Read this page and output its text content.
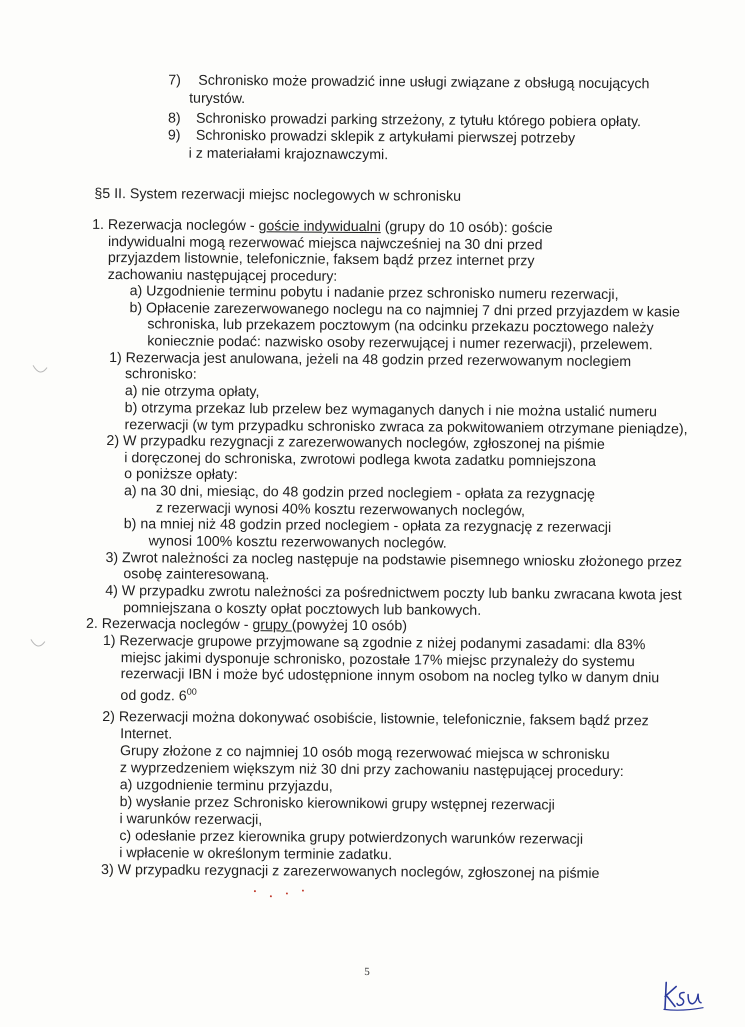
7) Schronisko może prowadzić inne usługi związane z obsługą nocujących
turystów.
8) Schronisko prowadzi parking strzeżony, z tytułu którego pobiera opłaty.
9) Schronisko prowadzi sklepik z artykułami pierwszej potrzeby
i z materiałami krajoznawczymi.
§5 II. System rezerwacji miejsc noclegowych w schronisku
1. Rezerwacja noclegów - goście indywidualni (grupy do 10 osób): goście
indywidualni mogą rezerwować miejsca najwcześniej na 30 dni przed
przyjazdem listownie, telefonicznie, faksem bądź przez internet przy
zachowaniu następującej procedury:
a) Uzgodnienie terminu pobytu i nadanie przez schronisko numeru rezerwacji,
b) Opłacenie zarezerwowanego noclegu na co najmniej 7 dni przed przyjazdem w kasie
schroniska, lub przekazem pocztowym (na odcinku przekazu pocztowego należy
koniecznie podać: nazwisko osoby rezerwującej i numer rezerwacji), przelewem.
1) Rezerwacja jest anulowana, jeżeli na 48 godzin przed rezerwowanym noclegiem
schronisko:
a) nie otrzyma opłaty,
b) otrzyma przekaz lub przelew bez wymaganych danych i nie można ustalić numeru
rezerwacji (w tym przypadku schronisko zwraca za pokwitowaniem otrzymane pieniądze),
2) W przypadku rezygnacji z zarezerwowanych noclegów, zgłoszonej na piśmie
i doręczonej do schroniska, zwrotowi podlega kwota zadatku pomniejszona
o poniższe opłaty:
a) na 30 dni, miesiąc, do 48 godzin przed noclegiem - opłata za rezygnację
z rezerwacji wynosi 40% kosztu rezerwowanych noclegów,
b) na mniej niż 48 godzin przed noclegiem - opłata za rezygnację z rezerwacji
wynosi 100% kosztu rezerwowanych noclegów.
3) Zwrot należności za nocleg następuje na podstawie pisemnego wniosku złożonego przez
osobę zainteresowaną.
4) W przypadku zwrotu należności za pośrednictwem poczty lub banku zwracana kwota jest
pomniejszana o koszty opłat pocztowych lub bankowych.
2. Rezerwacja noclegów - grupy (powyżej 10 osób)
1) Rezerwacje grupowe przyjmowane są zgodnie z niżej podanymi zasadami: dla 83%
miejsc jakimi dysponuje schronisko, pozostałe 17% miejsc przynależy do systemu
rezerwacji IBN i może być udostępnione innym osobom na nocleg tylko w danym dniu
od godz. $6^{00}$
2) Rezerwacji można dokonywać osobiście, listownie, telefonicznie, faksem bądź przez
Internet.
Grupy złożone z co najmniej 10 osób mogą rezerwować miejsca w schronisku
z wyprzedzeniem większym niż 30 dni przy zachowaniu następującej procedury:
a) uzgodnienie terminu przyjazdu,
b) wysłanie przez Schronisko kierownikowi grupy wstępnej rezerwacji
i warunków rezerwacji,
c) odesłanie przez kierownika grupy potwierdzonych warunków rezerwacji
i wpłacenie w określonym terminie zadatku.
3) W przypadku rezygnacji z zarezerwowanych noclegów, zgłoszonej na piśmie
5
